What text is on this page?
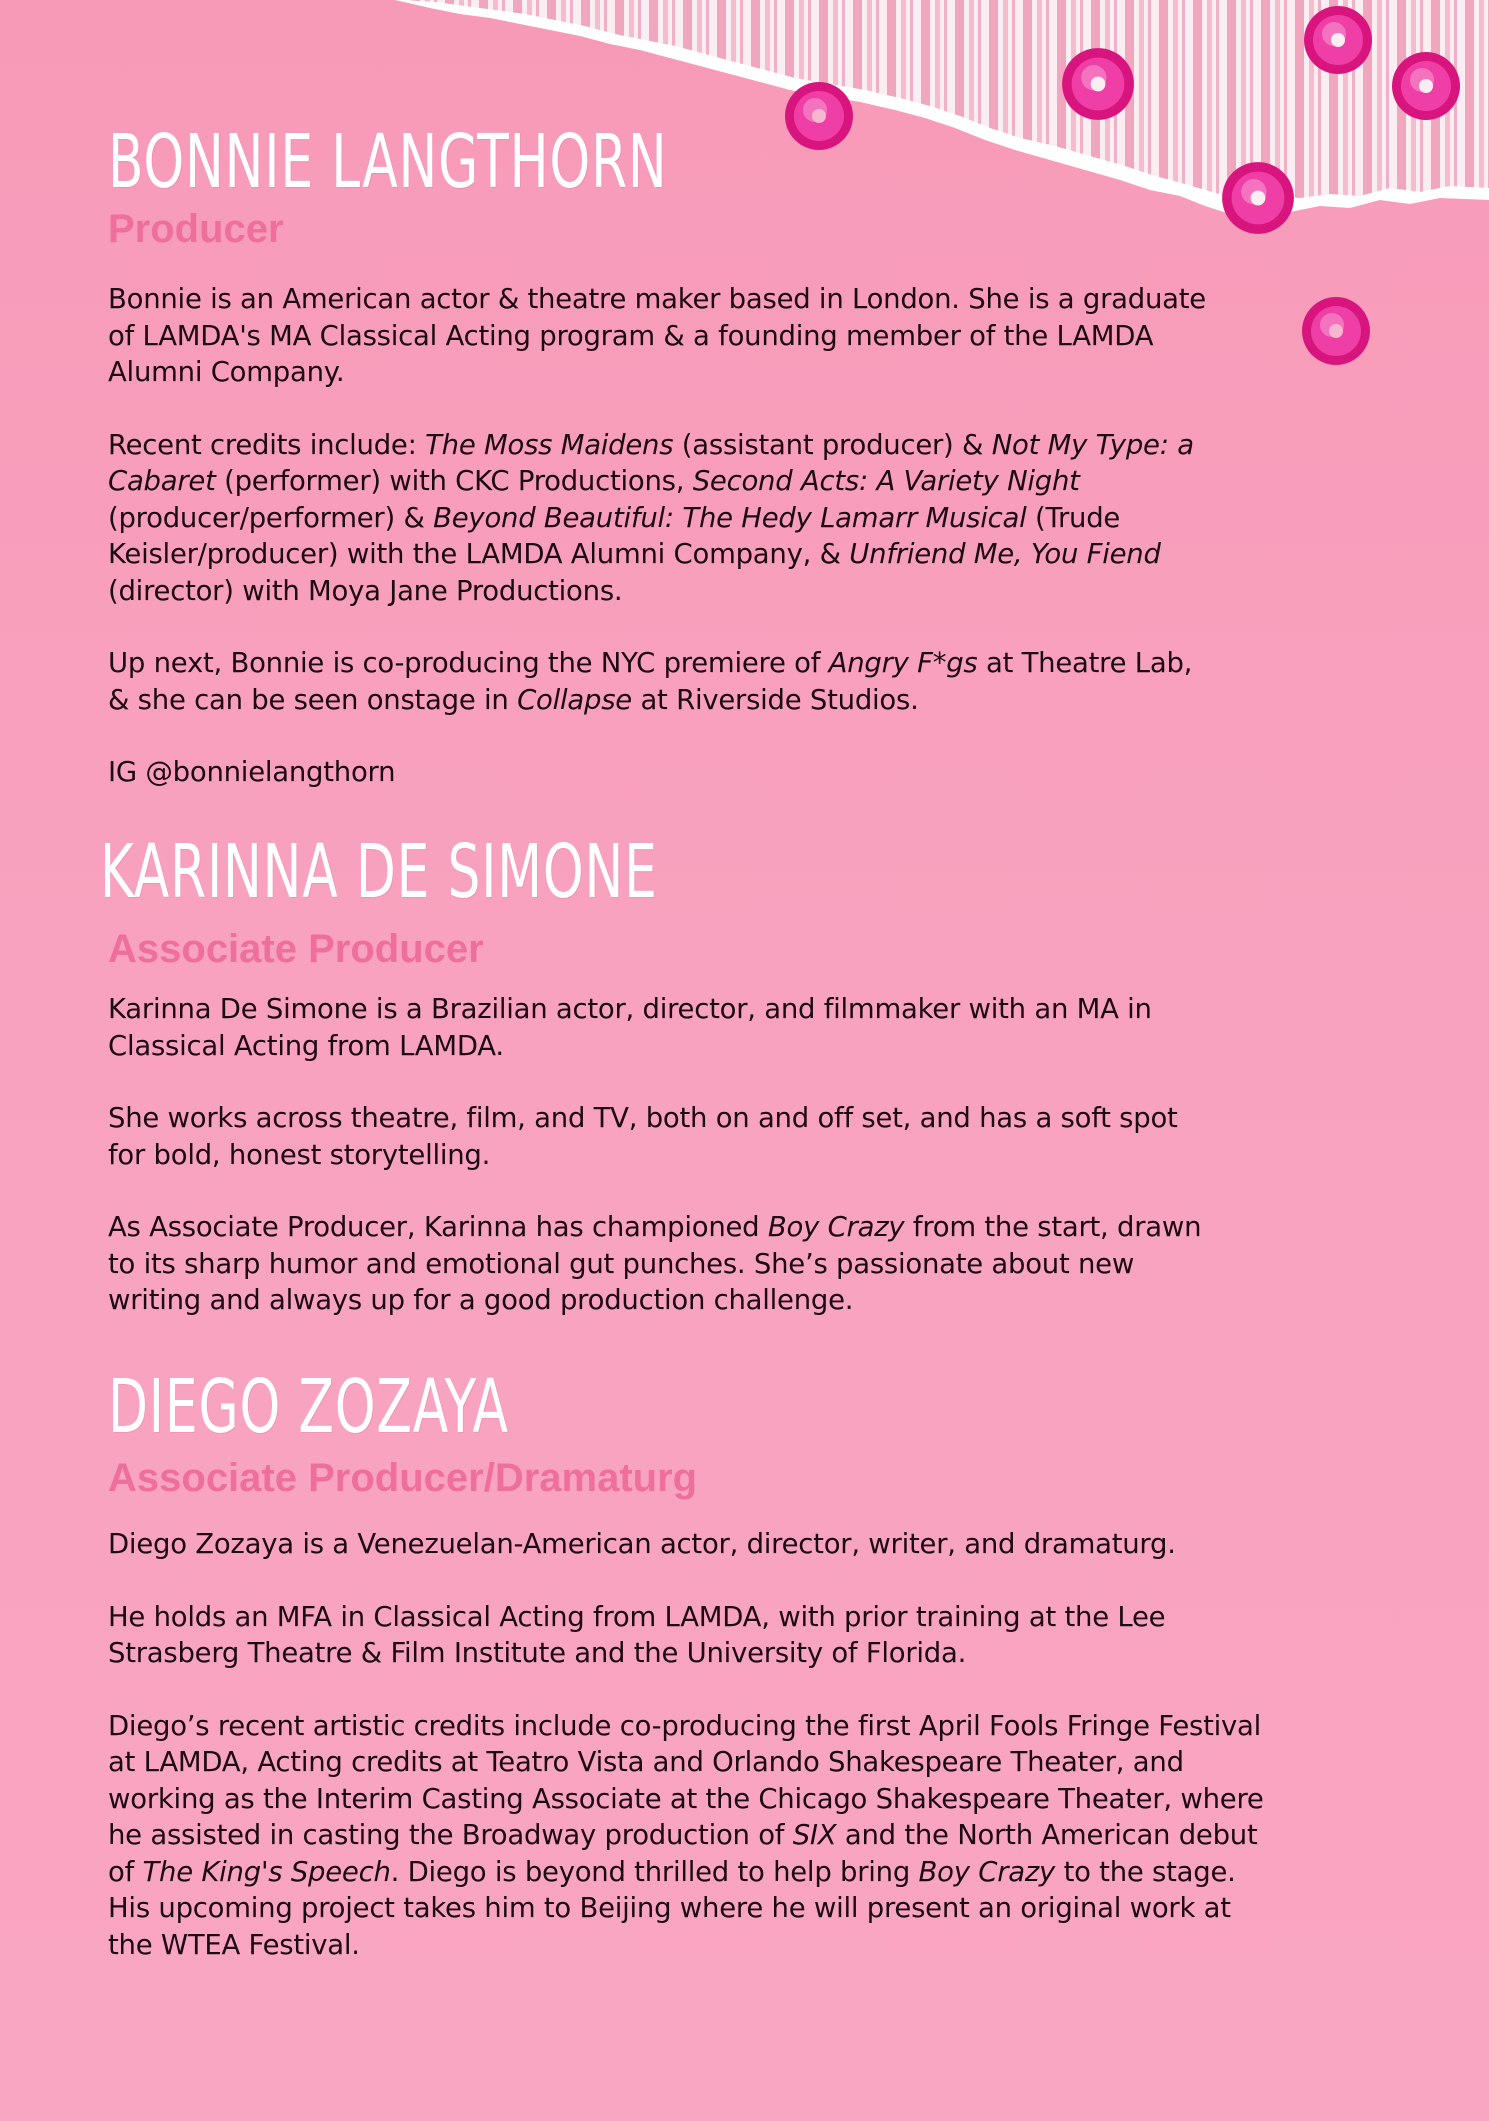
BONNIE LANGTHORN
Producer

Bonnie is an American actor & theatre maker based in London. She is a graduate of LAMDA's MA Classical Acting program & a founding member of the LAMDA Alumni Company.

Recent credits include: The Moss Maidens (assistant producer) & Not My Type: a Cabaret (performer) with CKC Productions, Second Acts: A Variety Night (producer/performer) & Beyond Beautiful: The Hedy Lamarr Musical (Trude Keisler/producer) with the LAMDA Alumni Company, & Unfriend Me, You Fiend (director) with Moya Jane Productions.

Up next, Bonnie is co-producing the NYC premiere of Angry F*gs at Theatre Lab, & she can be seen onstage in Collapse at Riverside Studios.

IG @bonnielangthorn

KARINNA DE SIMONE
Associate Producer

Karinna De Simone is a Brazilian actor, director, and filmmaker with an MA in Classical Acting from LAMDA.

She works across theatre, film, and TV, both on and off set, and has a soft spot for bold, honest storytelling.

As Associate Producer, Karinna has championed Boy Crazy from the start, drawn to its sharp humor and emotional gut punches. She’s passionate about new writing and always up for a good production challenge.

DIEGO ZOZAYA
Associate Producer/Dramaturg

Diego Zozaya is a Venezuelan-American actor, director, writer, and dramaturg.

He holds an MFA in Classical Acting from LAMDA, with prior training at the Lee Strasberg Theatre & Film Institute and the University of Florida.

Diego’s recent artistic credits include co-producing the first April Fools Fringe Festival at LAMDA, Acting credits at Teatro Vista and Orlando Shakespeare Theater, and working as the Interim Casting Associate at the Chicago Shakespeare Theater, where he assisted in casting the Broadway production of SIX and the North American debut of The King's Speech. Diego is beyond thrilled to help bring Boy Crazy to the stage. His upcoming project takes him to Beijing where he will present an original work at the WTEA Festival.
